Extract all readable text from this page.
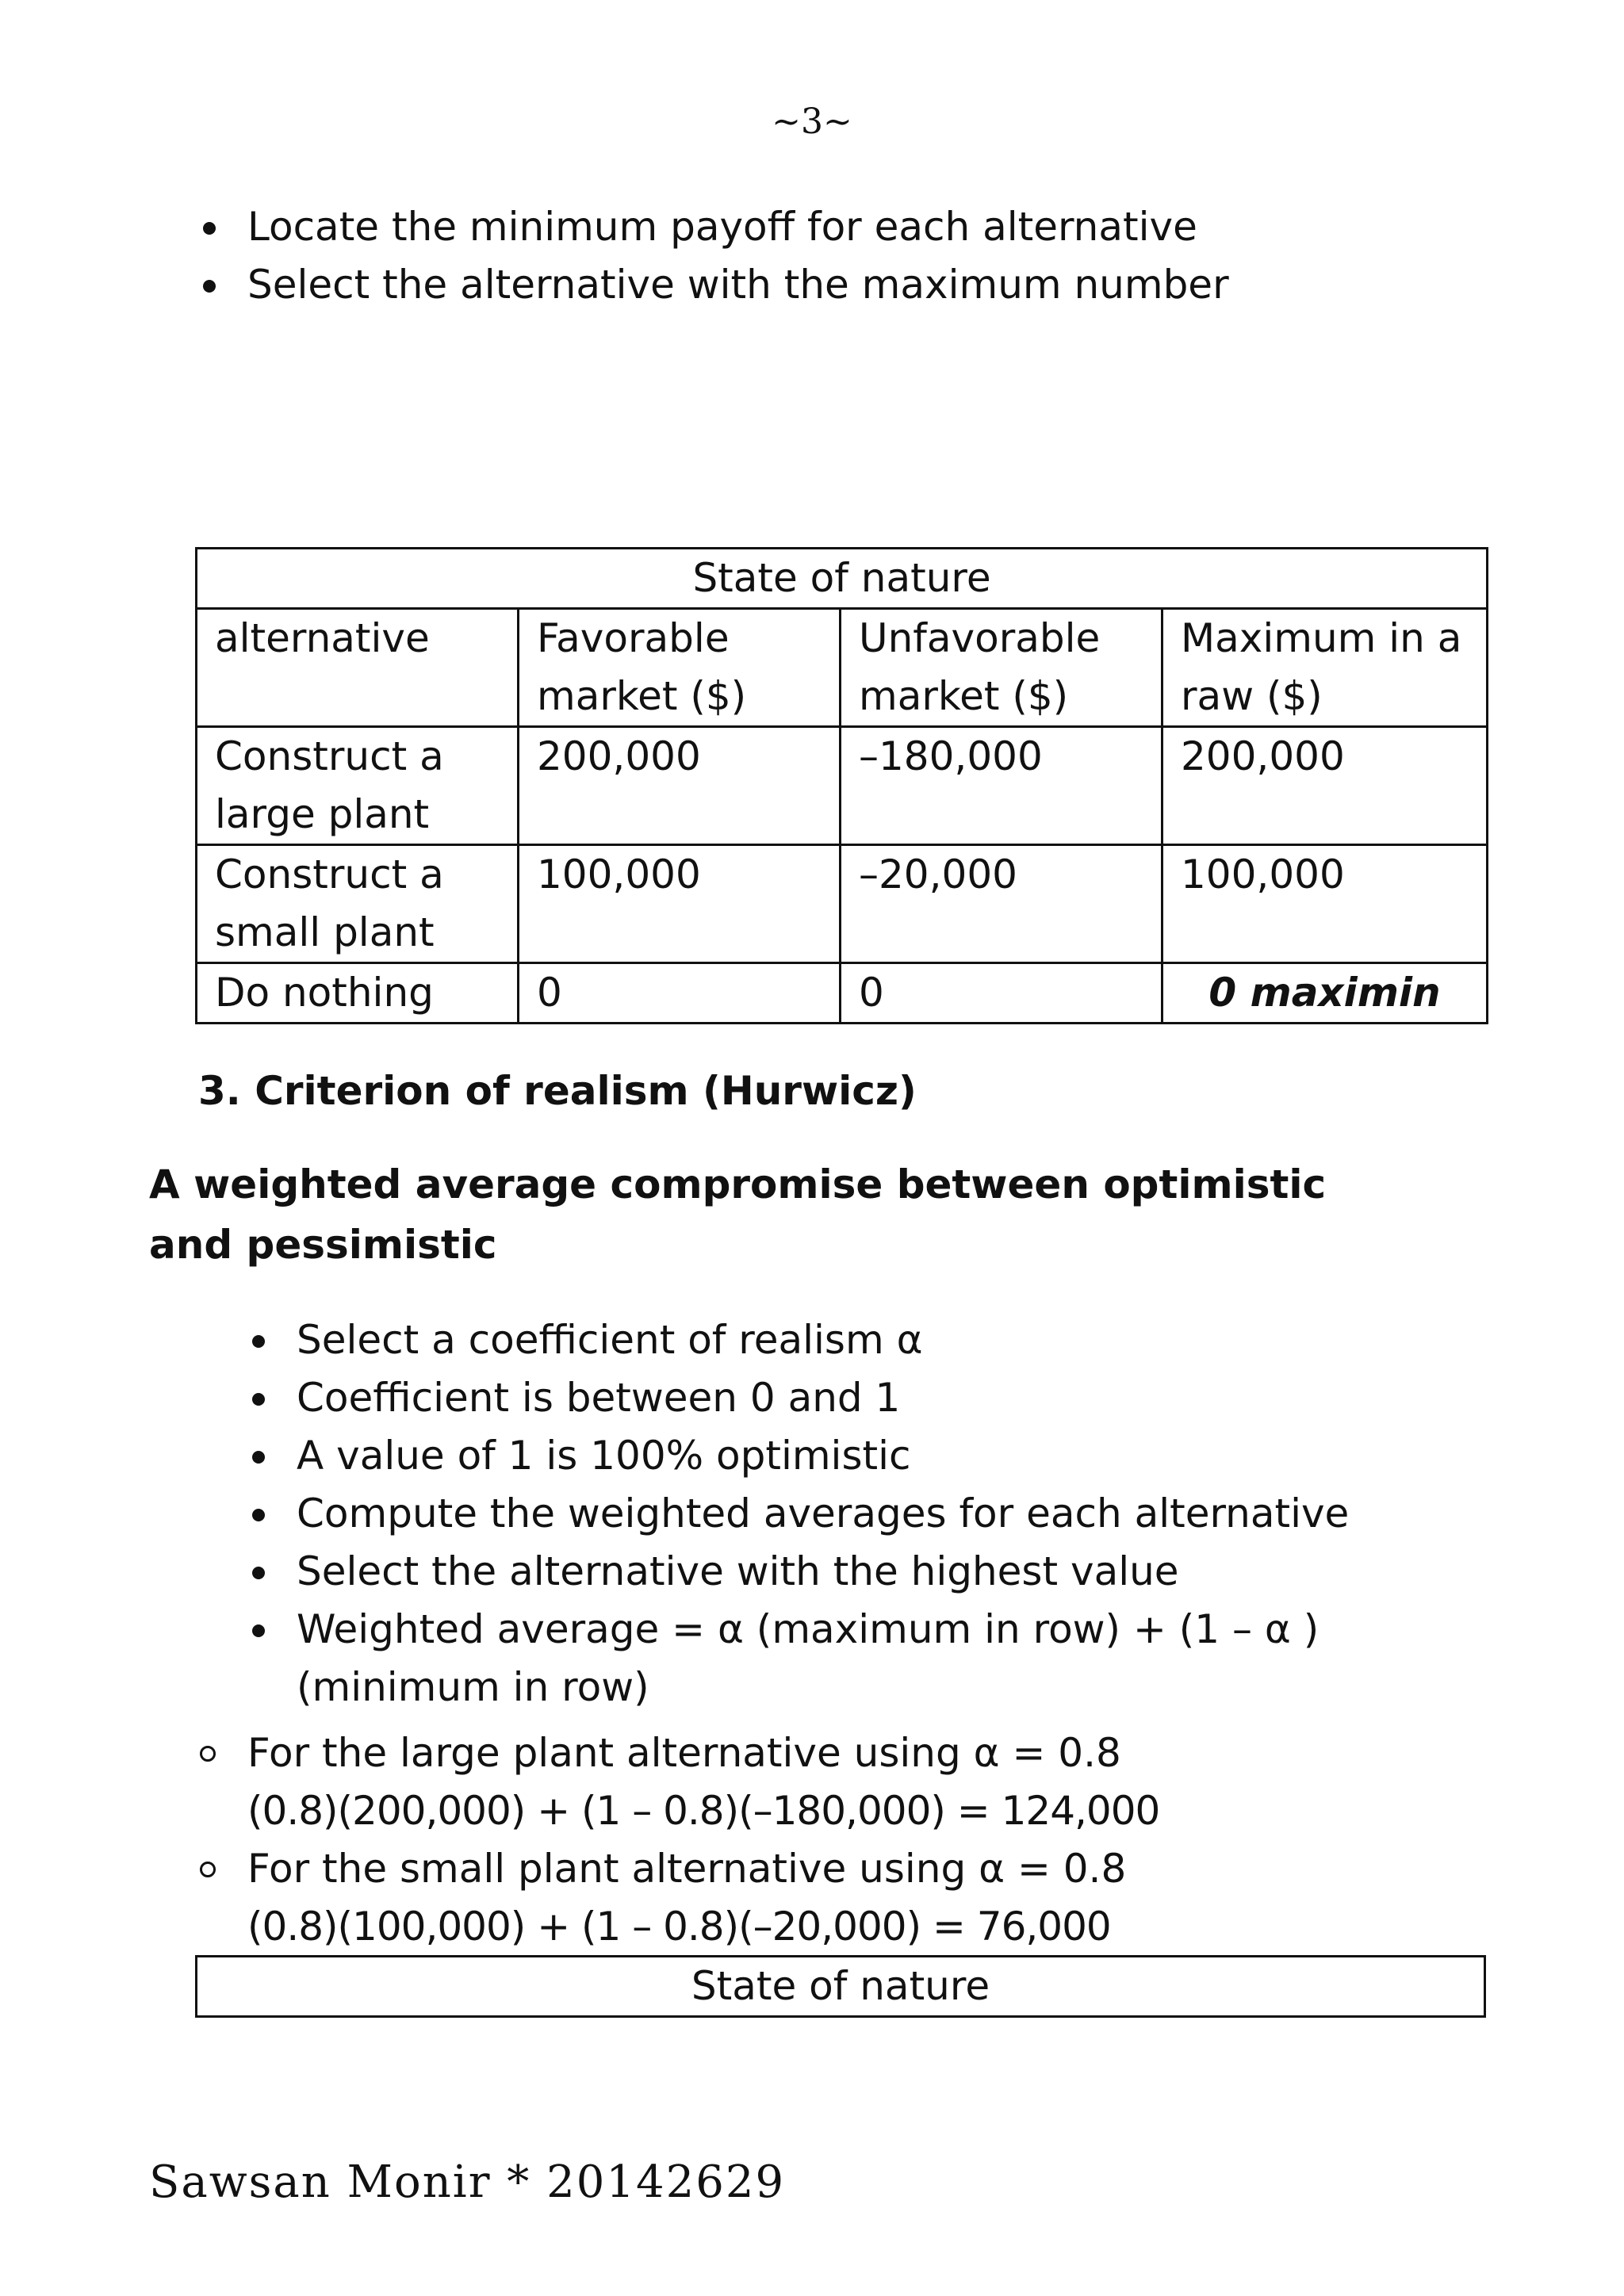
~3~
Locate the minimum payoff for each alternative
Select the alternative with the maximum number
State of nature			
alternative	Favorable market ($)	Unfavorable market ($)	Maximum in a raw ($)
Construct a large plant	200,000	–180,000	200,000
Construct a small plant	100,000	–20,000	100,000
Do nothing	0	0	0 maximin
3. Criterion of realism (Hurwicz)
A weighted average compromise between optimistic and pessimistic
Select a coefficient of realism α
Coefficient is between 0 and 1
A value of 1 is 100% optimistic
Compute the weighted averages for each alternative
Select the alternative with the highest value
Weighted average = α (maximum in row) + (1 – α )(minimum in row)
For the large plant alternative using α = 0.8
(0.8)(200,000) + (1 – 0.8)(–180,000) = 124,000
For the small plant alternative using α = 0.8
(0.8)(100,000) + (1 – 0.8)(–20,000) = 76,000
State of nature
Sawsan Monir * 20142629
